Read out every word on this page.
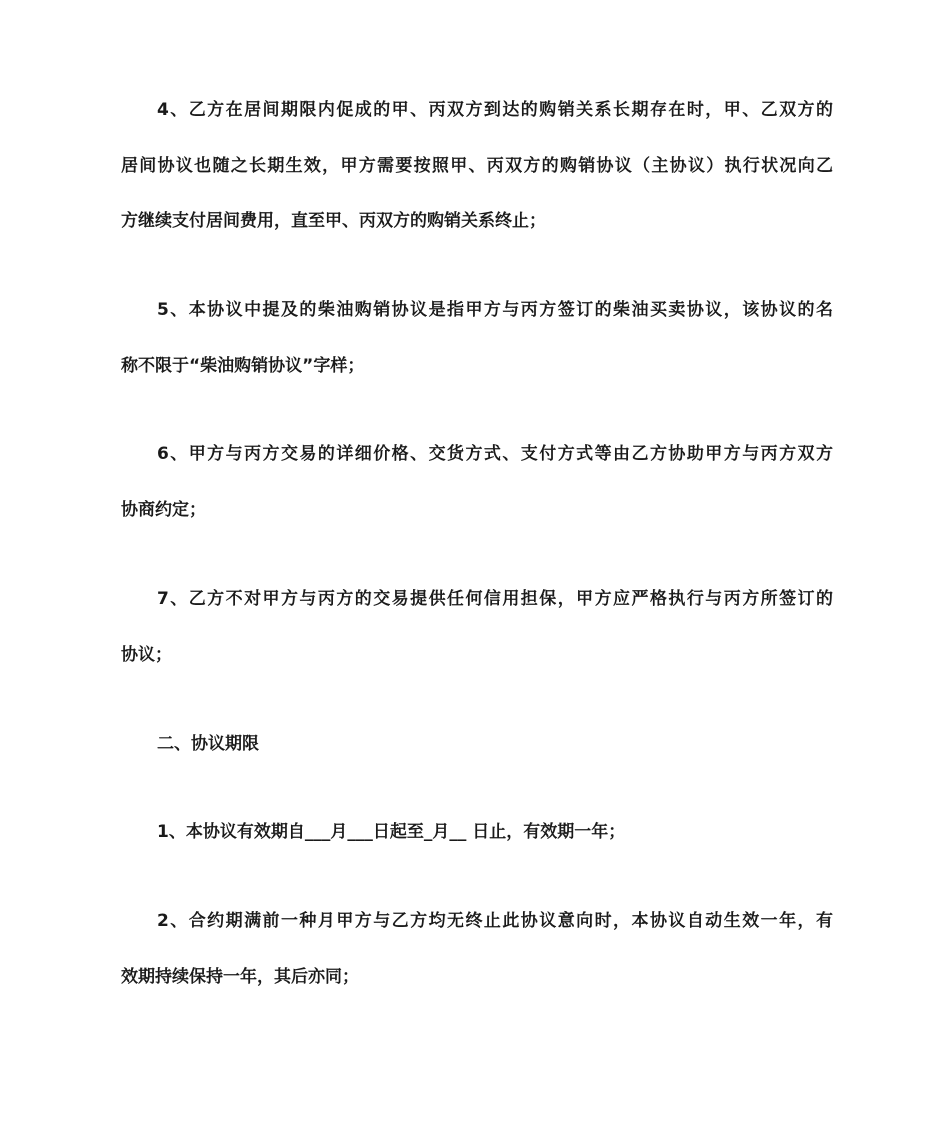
4、乙方在居间期限内促成的甲、丙双方到达的购销关系长期存在时，甲、乙双方的
居间协议也随之长期生效，甲方需要按照甲、丙双方的购销协议（主协议）执行状况向乙
方继续支付居间费用，直至甲、丙双方的购销关系终止；
5、本协议中提及的柴油购销协议是指甲方与丙方签订的柴油买卖协议，该协议的名
称不限于“柴油购销协议”字样；
6、甲方与丙方交易的详细价格、交货方式、支付方式等由乙方协助甲方与丙方双方
协商约定；
7、乙方不对甲方与丙方的交易提供任何信用担保，甲方应严格执行与丙方所签订的
协议；
二、协议期限
1、本协议有效期自___月___日起至_月__ 日止，有效期一年；
2、合约期满前一种月甲方与乙方均无终止此协议意向时，本协议自动生效一年，有
效期持续保持一年，其后亦同；
